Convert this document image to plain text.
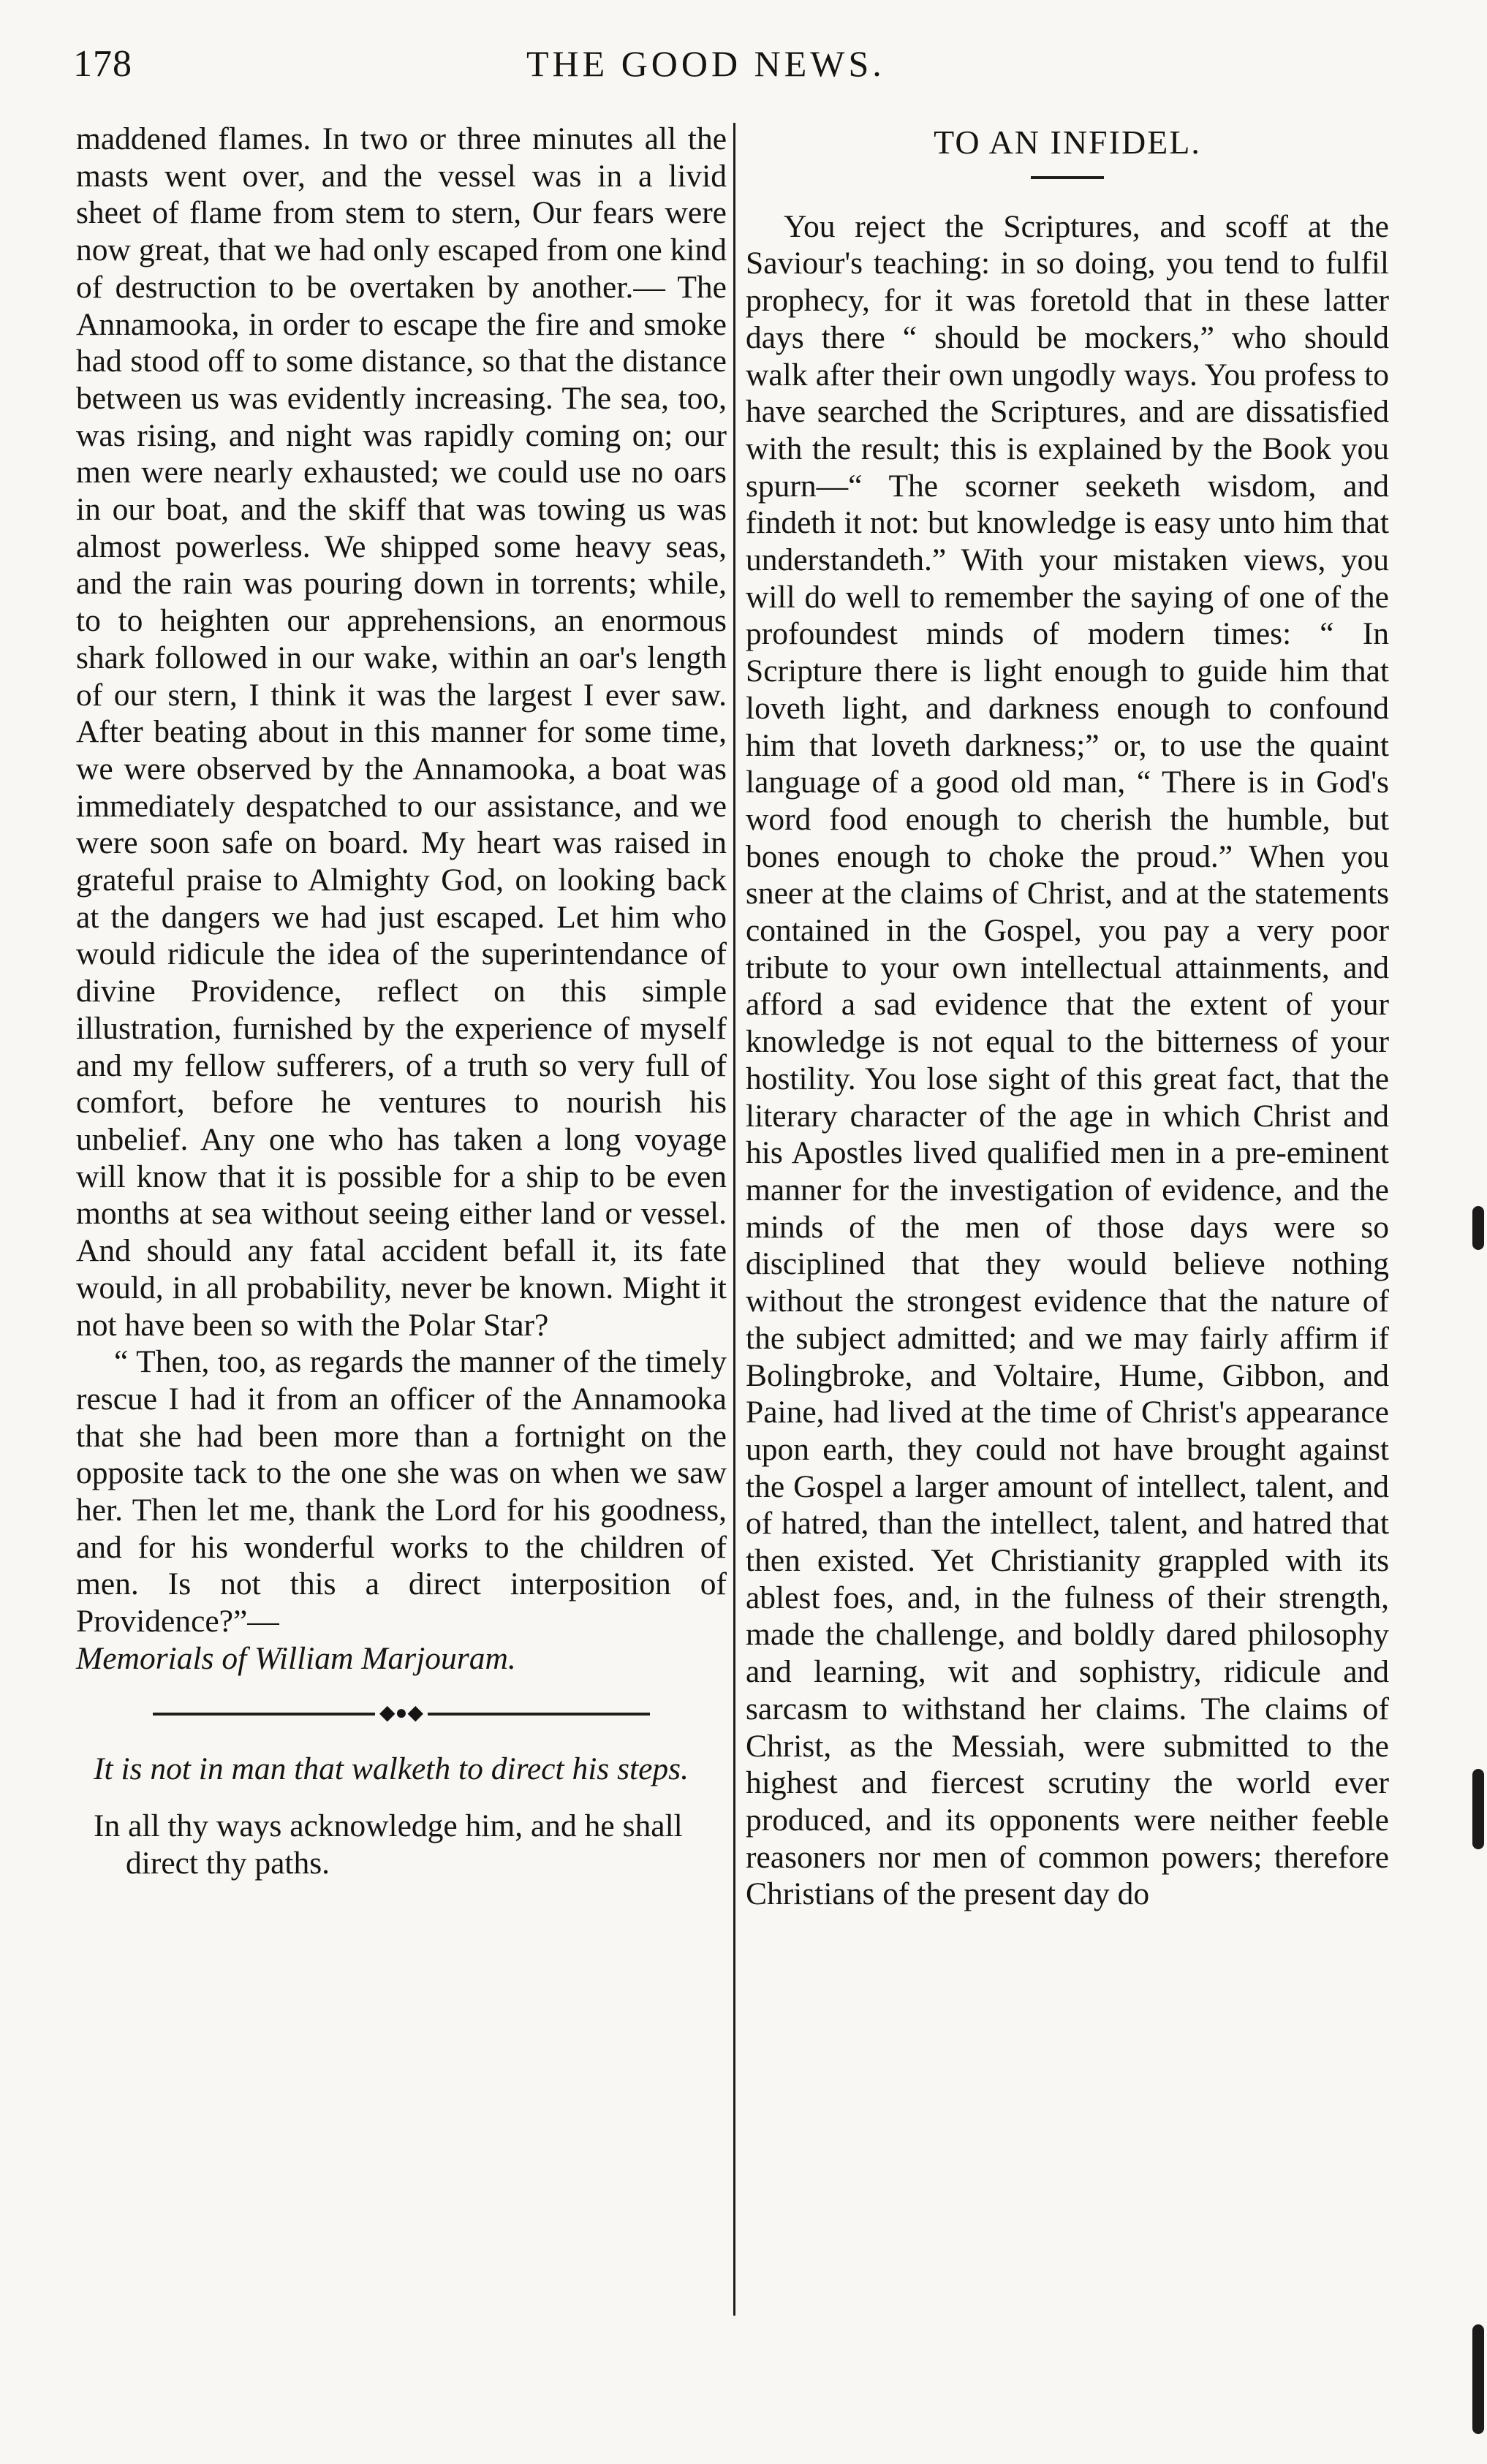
178	THE GOOD NEWS.

maddened flames. In two or three minutes all the masts went over, and the vessel was in a livid sheet of flame from stem to stern, Our fears were now great, that we had only escaped from one kind of destruction to be overtaken by another.— The Annamooka, in order to escape the fire and smoke had stood off to some distance, so that the distance between us was evidently increasing. The sea, too, was rising, and night was rapidly coming on; our men were nearly exhausted; we could use no oars in our boat, and the skiff that was towing us was almost powerless. We shipped some heavy seas, and the rain was pouring down in torrents; while, to to heighten our apprehensions, an enormous shark followed in our wake, within an oar's length of our stern, I think it was the largest I ever saw. After beating about in this manner for some time, we were observed by the Annamooka, a boat was immediately despatched to our assistance, and we were soon safe on board. My heart was raised in grateful praise to Almighty God, on looking back at the dangers we had just escaped. Let him who would ridicule the idea of the superintendance of divine Providence, reflect on this simple illustration, furnished by the experience of myself and my fellow sufferers, of a truth so very full of comfort, before he ventures to nourish his unbelief. Any one who has taken a long voyage will know that it is possible for a ship to be even months at sea without seeing either land or vessel. And should any fatal accident befall it, its fate would, in all probability, never be known. Might it not have been so with the Polar Star?

“ Then, too, as regards the manner of the timely rescue I had it from an officer of the Annamooka that she had been more than a fortnight on the opposite tack to the one she was on when we saw her. Then let me, thank the Lord for his goodness, and for his wonderful works to the children of men. Is not this a direct interposition of Providence?”—

Memorials of William Marjouram.

◆●◆

It is not in man that walketh to direct his steps.

In all thy ways acknowledge him, and he shall direct thy paths.

TO AN INFIDEL.

You reject the Scriptures, and scoff at the Saviour's teaching: in so doing, you tend to fulfil prophecy, for it was foretold that in these latter days there “ should be mockers,” who should walk after their own ungodly ways. You profess to have searched the Scriptures, and are dissatisfied with the result; this is explained by the Book you spurn—“ The scorner seeketh wisdom, and findeth it not: but knowledge is easy unto him that understandeth.” With your mistaken views, you will do well to remember the saying of one of the profoundest minds of modern times: “ In Scripture there is light enough to guide him that loveth light, and darkness enough to confound him that loveth darkness;” or, to use the quaint language of a good old man, “ There is in God's word food enough to cherish the humble, but bones enough to choke the proud.” When you sneer at the claims of Christ, and at the statements contained in the Gospel, you pay a very poor tribute to your own intellectual attainments, and afford a sad evidence that the extent of your knowledge is not equal to the bitterness of your hostility. You lose sight of this great fact, that the literary character of the age in which Christ and his Apostles lived qualified men in a pre-eminent manner for the investigation of evidence, and the minds of the men of those days were so disciplined that they would believe nothing without the strongest evidence that the nature of the subject admitted; and we may fairly affirm if Bolingbroke, and Voltaire, Hume, Gibbon, and Paine, had lived at the time of Christ's appearance upon earth, they could not have brought against the Gospel a larger amount of intellect, talent, and of hatred, than the intellect, talent, and hatred that then existed. Yet Christianity grappled with its ablest foes, and, in the fulness of their strength, made the challenge, and boldly dared philosophy and learning, wit and sophistry, ridicule and sarcasm to withstand her claims. The claims of Christ, as the Messiah, were submitted to the highest and fiercest scrutiny the world ever produced, and its opponents were neither feeble reasoners nor men of common powers; therefore Christians of the present day do
